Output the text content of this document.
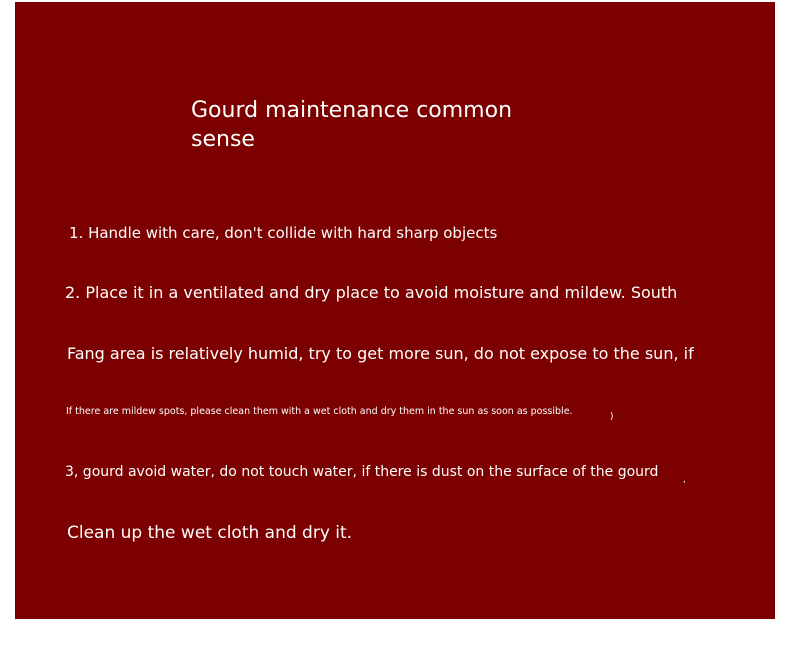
Gourd maintenance common sense
1. Handle with care, don't collide with hard sharp objects
2. Place it in a ventilated and dry place to avoid moisture and mildew. South
Fang area is relatively humid, try to get more sun, do not expose to the sun, if
If there are mildew spots, please clean them with a wet cloth and dry them in the sun as soon as possible.
3, gourd avoid water, do not touch water, if there is dust on the surface of the gourd
Clean up the wet cloth and dry it.
)
,
